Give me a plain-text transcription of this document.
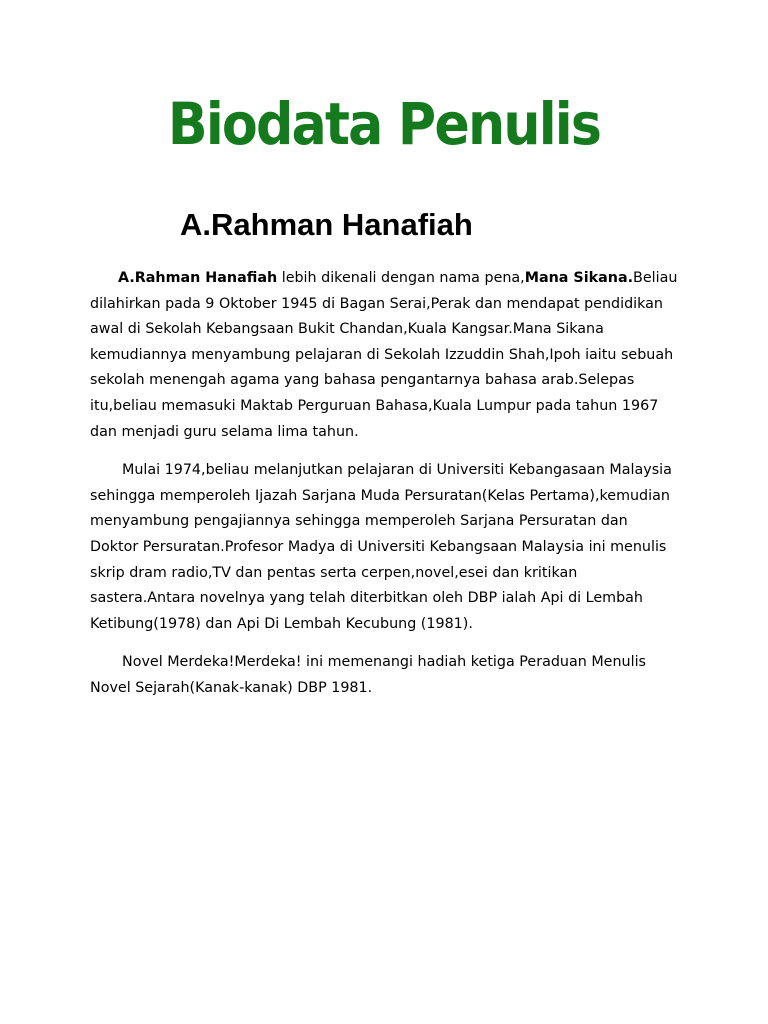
Biodata Penulis
A.Rahman Hanafiah

A.Rahman Hanafiah lebih dikenali dengan nama pena,Mana Sikana.Beliau dilahirkan pada 9 Oktober 1945 di Bagan Serai,Perak dan mendapat pendidikan awal di Sekolah Kebangsaan Bukit Chandan,Kuala Kangsar.Mana Sikana kemudiannya menyambung pelajaran di Sekolah Izzuddin Shah,Ipoh iaitu sebuah sekolah menengah agama yang bahasa pengantarnya bahasa arab.Selepas itu,beliau memasuki Maktab Perguruan Bahasa,Kuala Lumpur pada tahun 1967 dan menjadi guru selama lima tahun.

Mulai 1974,beliau melanjutkan pelajaran di Universiti Kebangasaan Malaysia sehingga memperoleh Ijazah Sarjana Muda Persuratan(Kelas Pertama),kemudian menyambung pengajiannya sehingga memperoleh Sarjana Persuratan dan Doktor Persuratan.Profesor Madya di Universiti Kebangsaan Malaysia ini menulis skrip dram radio,TV dan pentas serta cerpen,novel,esei dan kritikan sastera.Antara novelnya yang telah diterbitkan oleh DBP ialah Api di Lembah Ketibung(1978) dan Api Di Lembah Kecubung (1981).

Novel Merdeka!Merdeka! ini memenangi hadiah ketiga Peraduan Menulis Novel Sejarah(Kanak-kanak) DBP 1981.
